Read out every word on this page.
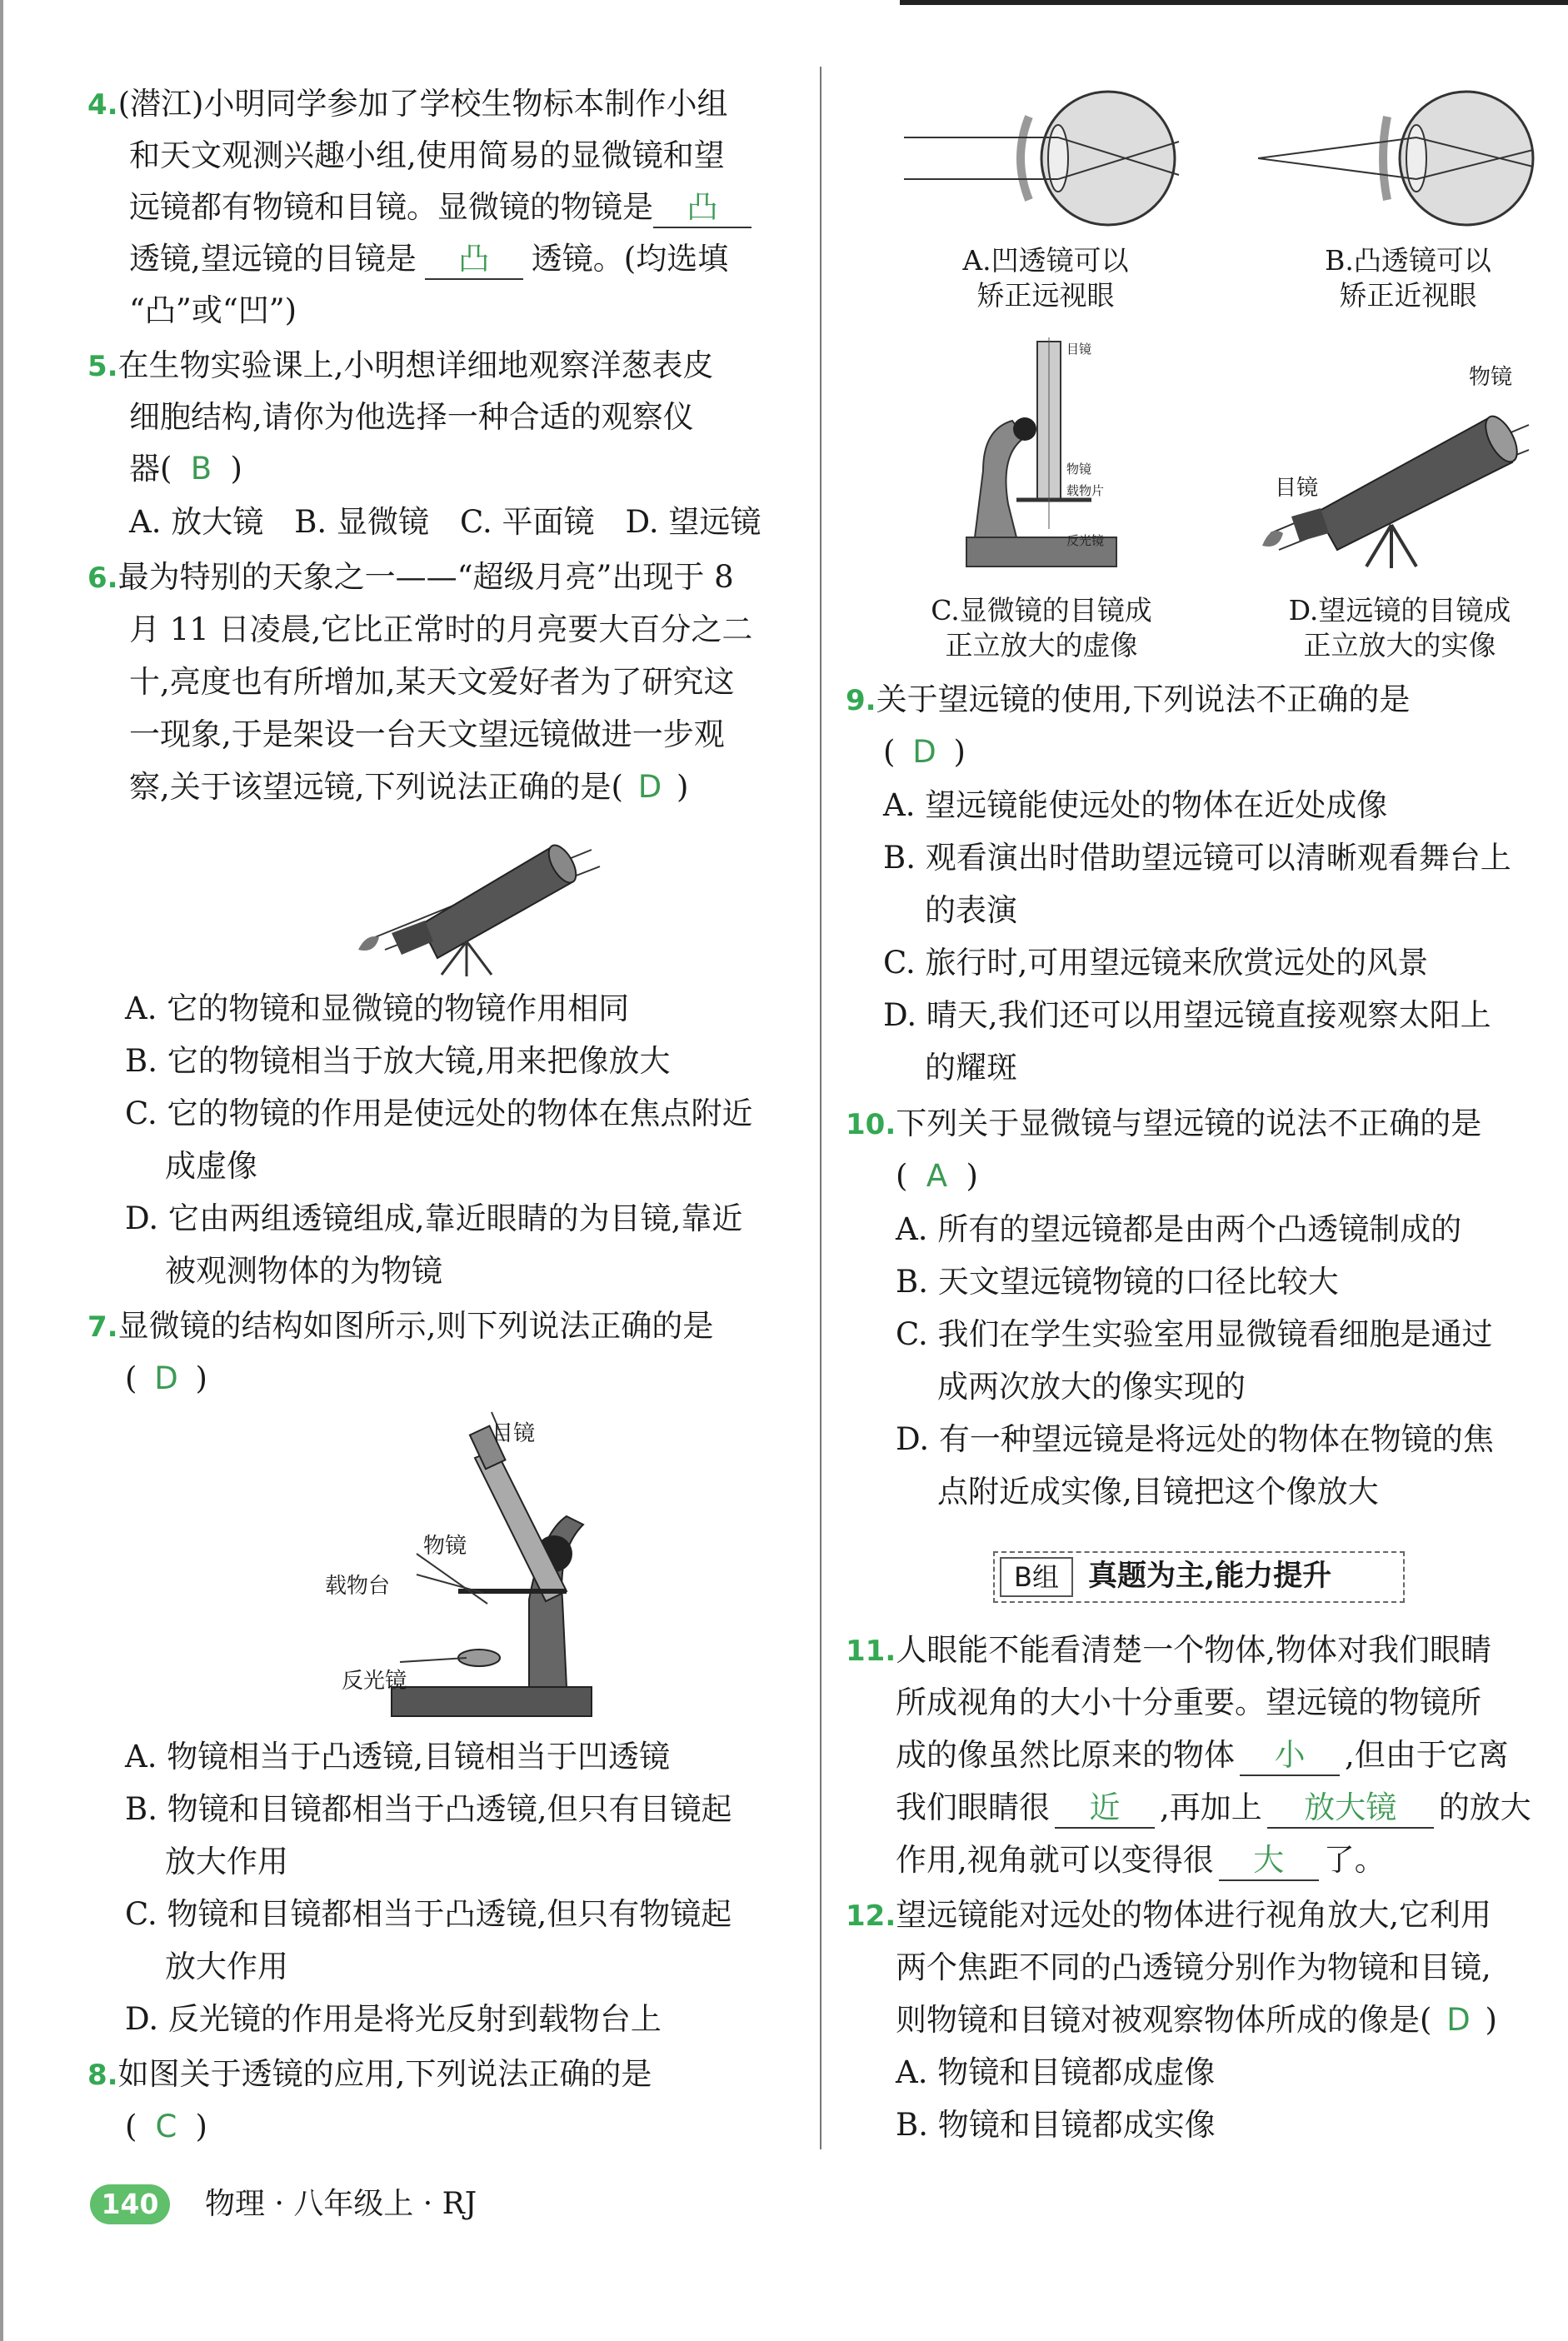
4.(潜江)小明同学参加了学校生物标本制作小组
和天文观测兴趣小组,使用简易的显微镜和望
远镜都有物镜和目镜。显微镜的物镜是 凸
透镜,望远镜的目镜是 凸 透镜。(均选填
“凸”或“凹”)
5.在生物实验课上,小明想详细地观察洋葱表皮
细胞结构,请你为他选择一种合适的观察仪
器( B )
A. 放大镜　B. 显微镜　C. 平面镜　D. 望远镜
6.最为特别的天象之一——“超级月亮”出现于 8
月 11 日凌晨,它比正常时的月亮要大百分之二
十,亮度也有所增加,某天文爱好者为了研究这
一现象,于是架设一台天文望远镜做进一步观
察,关于该望远镜,下列说法正确的是( D )
A. 它的物镜和显微镜的物镜作用相同
B. 它的物镜相当于放大镜,用来把像放大
C. 它的物镜的作用是使远处的物体在焦点附近
成虚像
D. 它由两组透镜组成,靠近眼睛的为目镜,靠近
被观测物体的为物镜
7.显微镜的结构如图所示,则下列说法正确的是
( D )
目镜
物镜
载物台
反光镜
A. 物镜相当于凸透镜,目镜相当于凹透镜
B. 物镜和目镜都相当于凸透镜,但只有目镜起
放大作用
C. 物镜和目镜都相当于凸透镜,但只有物镜起
放大作用
D. 反光镜的作用是将光反射到载物台上
8.如图关于透镜的应用,下列说法正确的是
( C )
A.凹透镜可以
矫正远视眼
B.凸透镜可以
矫正近视眼
目镜
物镜
载物片
反光镜
物镜
目镜
C.显微镜的目镜成
正立放大的虚像
D.望远镜的目镜成
正立放大的实像
9.关于望远镜的使用,下列说法不正确的是
( D )
A. 望远镜能使远处的物体在近处成像
B. 观看演出时借助望远镜可以清晰观看舞台上
的表演
C. 旅行时,可用望远镜来欣赏远处的风景
D. 晴天,我们还可以用望远镜直接观察太阳上
的耀斑
10.下列关于显微镜与望远镜的说法不正确的是
( A )
A. 所有的望远镜都是由两个凸透镜制成的
B. 天文望远镜物镜的口径比较大
C. 我们在学生实验室用显微镜看细胞是通过
成两次放大的像实现的
D. 有一种望远镜是将远处的物体在物镜的焦
点附近成实像,目镜把这个像放大
B组	真题为主,能力提升
11.人眼能不能看清楚一个物体,物体对我们眼睛
所成视角的大小十分重要。望远镜的物镜所
成的像虽然比原来的物体 小 ,但由于它离
我们眼睛很 近 ,再加上 放大镜 的放大
作用,视角就可以变得很 大 了。
12.望远镜能对远处的物体进行视角放大,它利用
两个焦距不同的凸透镜分别作为物镜和目镜,
则物镜和目镜对被观察物体所成的像是( D )
A. 物镜和目镜都成虚像
B. 物镜和目镜都成实像
140	物理 · 八年级上 · RJ
